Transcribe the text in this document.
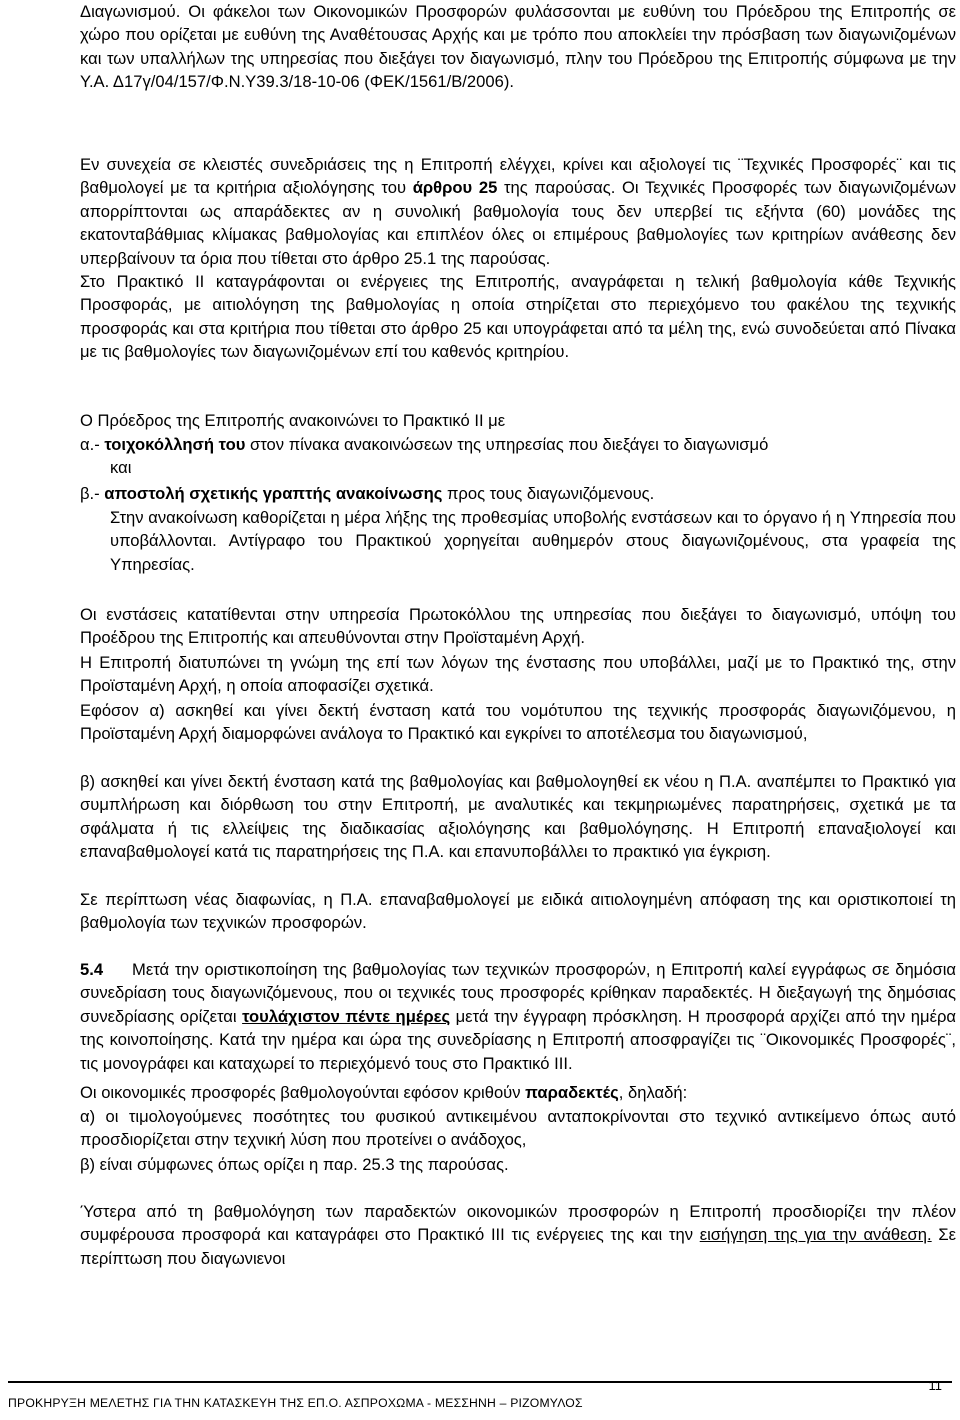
Διαγωνισμού. Οι φάκελοι των Οικονομικών Προσφορών φυλάσσονται με ευθύνη του Πρόεδρου της Επιτροπής σε χώρο που ορίζεται με ευθύνη της Αναθέτουσας Αρχής και με τρόπο που αποκλείει την πρόσβαση των διαγωνιζομένων και των υπαλλήλων της υπηρεσίας που διεξάγει τον διαγωνισμό, πλην του Πρόεδρου της Επιτροπής σύμφωνα με την Υ.Α. Δ17γ/04/157/Φ.Ν.Υ39.3/18-10-06 (ΦΕΚ/1561/Β/2006).
Εν συνεχεία σε κλειστές συνεδριάσεις της η Επιτροπή ελέγχει, κρίνει και αξιολογεί τις ¨Τεχνικές Προσφορές¨ και τις βαθμολογεί με τα κριτήρια αξιολόγησης του άρθρου 25 της παρούσας. Οι Τεχνικές Προσφορές των διαγωνιζομένων απορρίπτονται ως απαράδεκτες αν η συνολική βαθμολογία τους δεν υπερβεί τις εξήντα (60) μονάδες της εκατονταβάθμιας κλίμακας βαθμολογίας και επιπλέον όλες οι επιμέρους βαθμολογίες των κριτηρίων ανάθεσης δεν υπερβαίνουν τα όρια που τίθεται στο άρθρο 25.1 της παρούσας.
Στο Πρακτικό ΙΙ καταγράφονται οι ενέργειες της Επιτροπής, αναγράφεται η τελική βαθμολογία κάθε Τεχνικής Προσφοράς, με αιτιολόγηση της βαθμολογίας η οποία στηρίζεται στο περιεχόμενο του φακέλου της τεχνικής προσφοράς και στα κριτήρια που τίθεται στο άρθρο 25 και υπογράφεται από τα μέλη της, ενώ συνοδεύεται από Πίνακα με τις βαθμολογίες των διαγωνιζομένων επί του καθενός κριτηρίου.
Ο Πρόεδρος της Επιτροπής ανακοινώνει το Πρακτικό ΙΙ με
α.- τοιχοκόλλησή του στον πίνακα ανακοινώσεων της υπηρεσίας που διεξάγει το διαγωνισμό
και
β.- αποστολή σχετικής γραπτής ανακοίνωσης προς τους διαγωνιζόμενους.
Στην ανακοίνωση καθορίζεται η μέρα λήξης της προθεσμίας υποβολής ενστάσεων και το όργανο ή η Υπηρεσία που υποβάλλονται. Αντίγραφο του Πρακτικού χορηγείται αυθημερόν στους διαγωνιζομένους, στα γραφεία της Υπηρεσίας.
Οι ενστάσεις κατατίθενται στην υπηρεσία Πρωτοκόλλου της υπηρεσίας που διεξάγει το διαγωνισμό, υπόψη του Προέδρου της Επιτροπής και απευθύνονται στην Προϊσταμένη Αρχή.
Η Επιτροπή διατυπώνει τη γνώμη της επί των λόγων της ένστασης που υποβάλλει, μαζί με το Πρακτικό της, στην Προϊσταμένη Αρχή, η οποία αποφασίζει σχετικά.
Εφόσον α) ασκηθεί και γίνει δεκτή ένσταση κατά του νομότυπου της τεχνικής προσφοράς διαγωνιζόμενου, η Προϊσταμένη Αρχή διαμορφώνει ανάλογα το Πρακτικό και εγκρίνει το αποτέλεσμα του διαγωνισμού,
β) ασκηθεί και γίνει δεκτή ένσταση κατά της βαθμολογίας και βαθμολογηθεί εκ νέου η Π.Α. αναπέμπει το Πρακτικό για συμπλήρωση και διόρθωση του στην Επιτροπή, με αναλυτικές και τεκμηριωμένες παρατηρήσεις, σχετικά με τα σφάλματα ή τις ελλείψεις της διαδικασίας αξιολόγησης και βαθμολόγησης. Η Επιτροπή επαναξιολογεί και επαναβαθμολογεί κατά τις παρατηρήσεις της Π.Α. και επανυποβάλλει το πρακτικό για έγκριση.
Σε περίπτωση νέας διαφωνίας, η Π.Α. επαναβαθμολογεί με ειδικά αιτιολογημένη απόφαση της και οριστικοποιεί τη βαθμολογία των τεχνικών προσφορών.
5.4	Μετά την οριστικοποίηση της βαθμολογίας των τεχνικών προσφορών, η Επιτροπή καλεί εγγράφως σε δημόσια συνεδρίαση τους διαγωνιζόμενους, που οι τεχνικές τους προσφορές κρίθηκαν παραδεκτές. Η διεξαγωγή της δημόσιας συνεδρίασης ορίζεται τουλάχιστον πέντε ημέρες μετά την έγγραφη πρόσκληση. Η προσφορά αρχίζει από την ημέρα της κοινοποίησης. Κατά την ημέρα και ώρα της συνεδρίασης η Επιτροπή αποσφραγίζει τις ¨Οικονομικές Προσφορές¨, τις μονογράφει και καταχωρεί το περιεχόμενό τους στο Πρακτικό ΙΙΙ.
Οι οικονομικές προσφορές βαθμολογούνται εφόσον κριθούν παραδεκτές, δηλαδή:
α) οι τιμολογούμενες ποσότητες του φυσικού αντικειμένου ανταποκρίνονται στο τεχνικό αντικείμενο όπως αυτό προσδιορίζεται στην τεχνική λύση που προτείνει ο ανάδοχος,
β) είναι σύμφωνες όπως ορίζει η παρ. 25.3 της παρούσας.
Ύστερα από τη βαθμολόγηση των παραδεκτών οικονομικών προσφορών η Επιτροπή προσδιορίζει την πλέον συμφέρουσα προσφορά και καταγράφει στο Πρακτικό ΙΙΙ τις ενέργειες της και την εισήγηση της για την ανάθεση. Σε περίπτωση που διαγωνιενοι
ΠΡΟΚΗΡΥΞΗ ΜΕΛΕΤΗΣ ΓΙΑ ΤΗΝ ΚΑΤΑΣΚΕΥΗ ΤΗΣ ΕΠ.Ο. ΑΣΠΡΟΧΩΜΑ - ΜΕΣΣΗΝΗ – ΡΙΖΟΜΥΛΟΣ
11
